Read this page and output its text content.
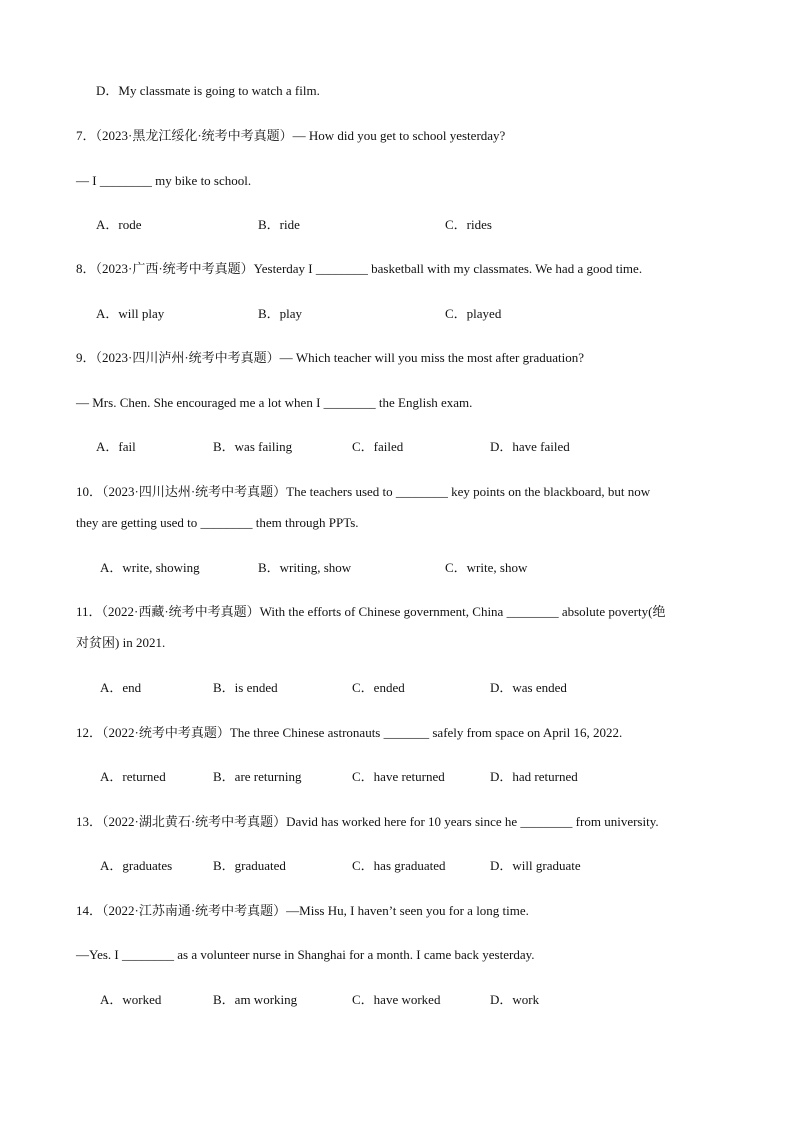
D．My classmate is going to watch a film.
7．（2023·黑龙江绥化·统考中考真题）— How did you get to school yesterday?
— I ________ my bike to school.
A．rode	B．ride	C．rides
8．（2023·广西·统考中考真题）Yesterday I ________ basketball with my classmates. We had a good time.
A．will play	B．play	C．played
9．（2023·四川泸州·统考中考真题）— Which teacher will you miss the most after graduation?
— Mrs. Chen. She encouraged me a lot when I ________ the English exam.
A．fail	B．was failing	C．failed	D．have failed
10．（2023·四川达州·统考中考真题）The teachers used to ________ key points on the blackboard, but now
they are getting used to ________ them through PPTs.
A．write, showing	B．writing, show	C．write, show
11．（2022·西藏·统考中考真题）With the efforts of Chinese government, China ________ absolute poverty(绝
对贫困) in 2021.
A．end	B．is ended	C．ended	D．was ended
12．（2022·统考中考真题）The three Chinese astronauts _______ safely from space on April 16, 2022.
A．returned	B．are returning	C．have returned	D．had returned
13．（2022·湖北黄石·统考中考真题）David has worked here for 10 years since he ________ from university.
A．graduates	B．graduated	C．has graduated	D．will graduate
14．（2022·江苏南通·统考中考真题）—Miss Hu, I haven’t seen you for a long time.
—Yes. I ________ as a volunteer nurse in Shanghai for a month. I came back yesterday.
A．worked	B．am working	C．have worked	D．work
